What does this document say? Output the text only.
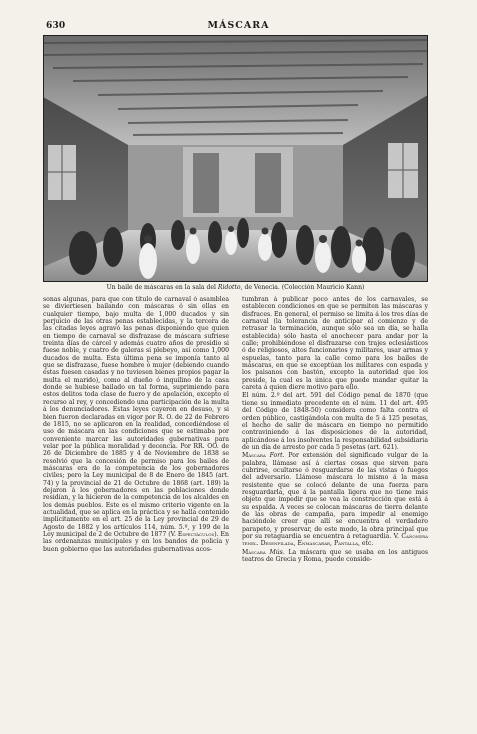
630	MÁSCARA
Un baile de máscaras en la sala del Ridotto, de Venecia. (Colección Mauricio Kann)

sonas algunas, para que con título de carnaval ó asamblea se diviertiesen bailando con máscaras ó sin ellas en cualquier tiempo, bajo multa de 1,000 ducados y sin perjuicio de las otras penas establecidas, y la tercera de las citadas leyes agravó las penas disponiendo que quien en tiempo de carnaval se disfrazase de máscara sufriese treinta días de cárcel y además cuatro años de presidio si fuese noble, y cuatro de galeras si plebeyo, así como 1,000 ducados de multa. Esta última pena se imponía tanto al que se disfrazase, fuese hombre ó mujer (debiendo cuando éstas fuesen casadas y no tuviesen bienes propios pagar la multa el marido), como al dueño ó inquilino de la casa donde se hubiese bailado en tal forma, suprimiendo para estos delitos toda clase de fuero y de apelación, excepto el recurso al rey, y concediendo una participación de la multa á los denunciadores. Estas leyes cayeron en desuso, y si bien fueron declaradas en vigor por R. O. de 22 de Febrero de 1815, no se aplicaron en la realidad, concediéndose el uso de máscara en las condiciones que se estimaba por conveniente marcar las autoridades gubernativas para velar por la pública moralidad y decencia. Por RR. OO. de 26 de Diciembre de 1885 y 4 de Noviembre de 1838 se resolvió que la concesión de permiso para los bailes de máscaras era de la competencia de los gobernadores civiles; pero la Ley municipal de 8 de Enero de 1845 (art. 74) y la provincial de 21 de Octubre de 1868 (art. 189) la dejaron á los gobernadores en las poblaciones donde residían, y la hicieron de la competencia de los alcaldes en los demás pueblos. Este es el mismo criterio vigente en la actualidad, que se aplica en la práctica y se halla contenido implícitamente en el art. 25 de la Ley provincial de 29 de Agosto de 1882 y los artículos 114, núm. 5.º, y 199 de la Ley municipal de 2 de Octubre de 1877 (V. Espectáculos). En las ordenanzas municipales y en los bandos de policía y buen gobierno que las autoridades gubernativas acos-

tumbran á publicar poco antes de los carnavales, se establecen condiciones en que se permiten las máscaras y disfraces. En general, el permiso se limita á los tres días de carnaval (la tolerancia de anticipar el comienzo y de retrasar la terminación, aunque sólo sea un día, se halla establecida) sólo hasta el anochecer para andar por la calle; prohibiéndose el disfrazarse con trajes eclesiásticos ó de religiosos, altos funcionarios y militares, usar armas y espuelas, tanto para la calle como para los bailes de máscaras, en que se exceptúan los militares con espada y los paisanos con bastón, excepto la autoridad que los preside, la cual es la única que puede mandar quitar la careta á quien diere motivo para ello.

El núm. 2.º del art. 591 del Código penal de 1870 (que tiene su inmediato precedente en el núm. 11 del art. 495 del Código de 1848-50) considera como falta contra el orden público, castigándola con multa de 5 á 125 pesetas, el hecho de salir de máscara en tiempo no permitido contraviniendo á las disposiciones de la autoridad, aplicándose á los insolventes la responsabilidad subsidiaria de un día de arresto por cada 5 pesetas (art. 621).

Máscara Fort. Por extensión del significado vulgar de la palabra, llámase así á ciertas cosas que sirven para cubrirse, ocultarse ó resguardarse de las vistas ó fuegos del adversario. Llámose máscara lo mismo á la masa resistente que se colocó delante de una fuerza para resguardarla, que á la pantalla ligera que no tiene más objeto que impedir que se vea la construcción que está á su espalda. A veces se colocan máscaras de tierra delante de las obras de campaña, para impedir al enemigo haciéndole creer que allí se encuentra el verdadero parapeto, y preservar, de este modo, la obra principal que por su retaguardia se encuentra á retaguardia. V. Cañonera tenel. Desenfilada, Enmascarar, Pantalla, etc.

Máscara Mús. La máscara que se usaba en los antiguos teatros de Grecia y Roma, puede conside-
